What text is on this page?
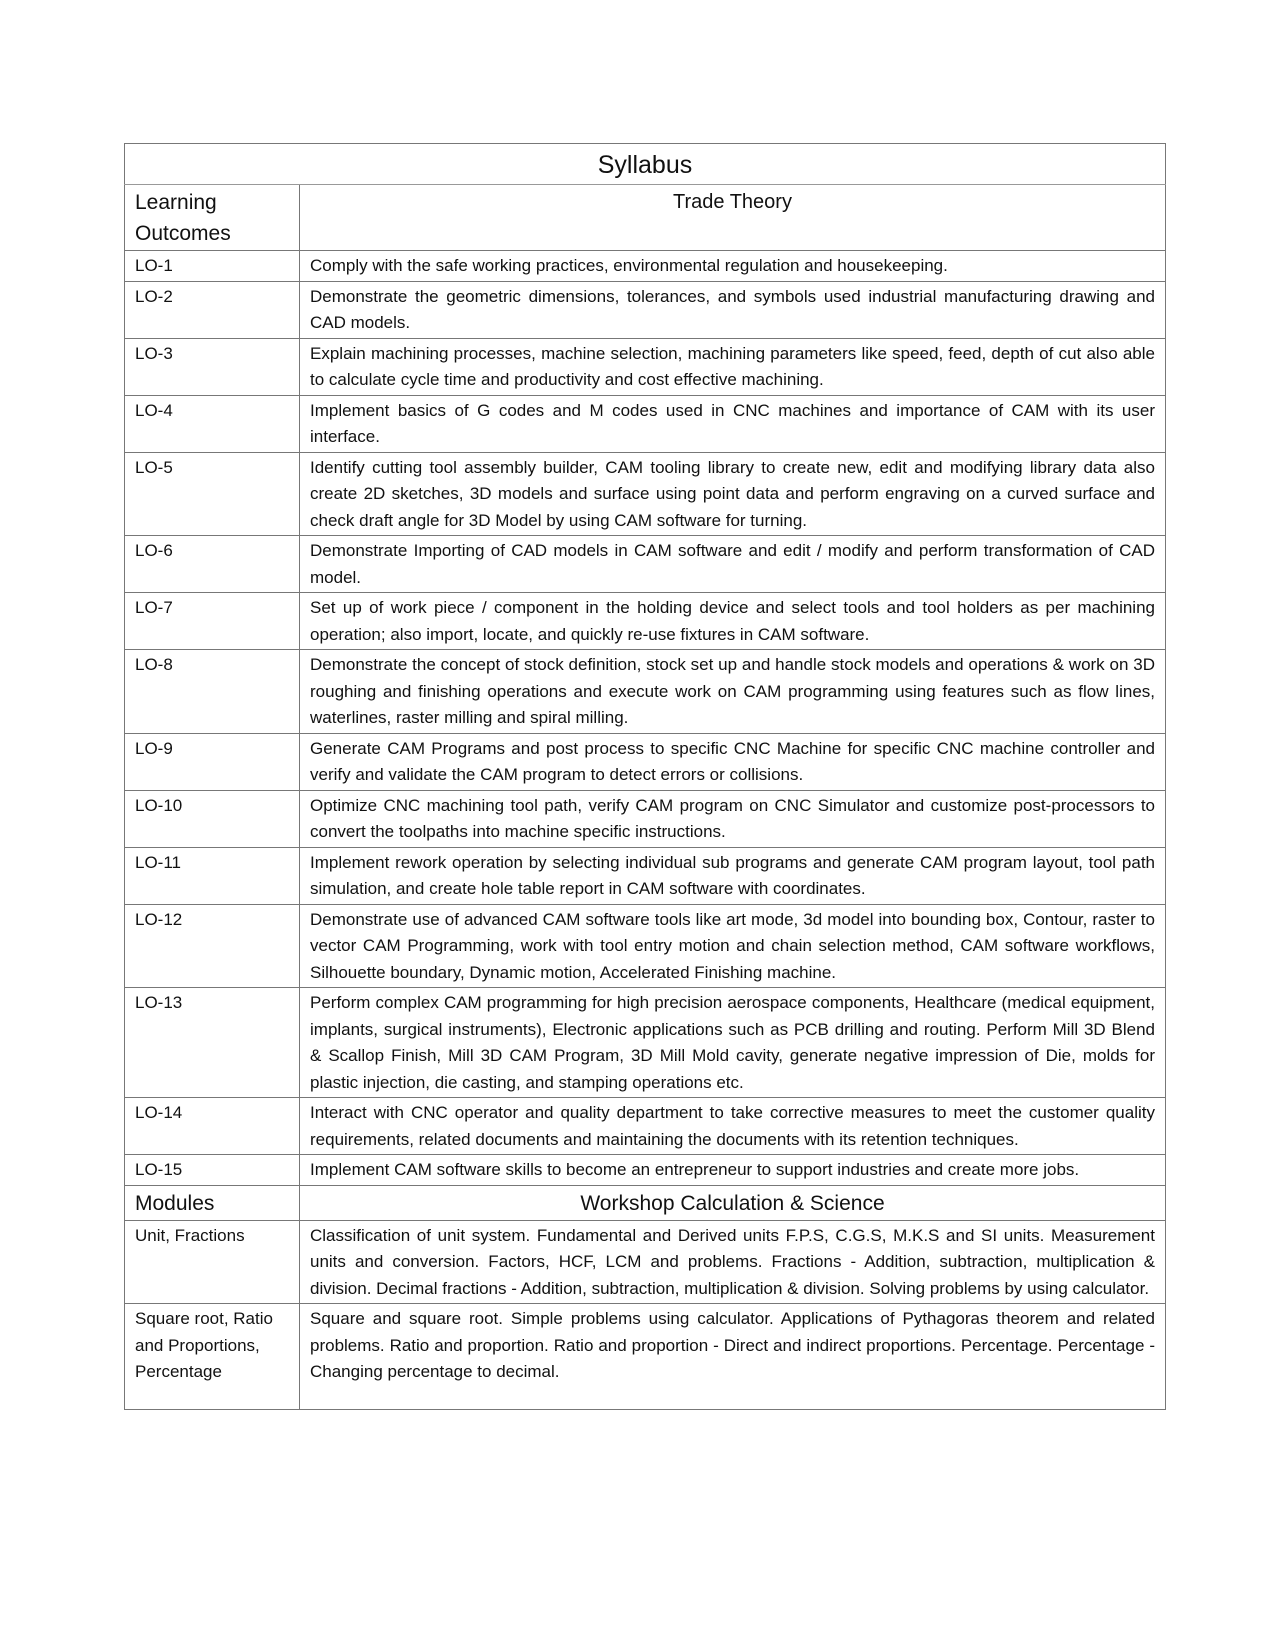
Syllabus	
Learning Outcomes	Trade Theory
LO-1	Comply with the safe working practices, environmental regulation and housekeeping.
LO-2	Demonstrate the geometric dimensions, tolerances, and symbols used industrial manufacturing drawing and CAD models.
LO-3	Explain machining processes, machine selection, machining parameters like speed, feed, depth of cut also able to calculate cycle time and productivity and cost effective machining.
LO-4	Implement basics of G codes and M codes used in CNC machines and importance of CAM with its user interface.
LO-5	Identify cutting tool assembly builder, CAM tooling library to create new, edit and modifying library data also create 2D sketches, 3D models and surface using point data and perform engraving on a curved surface and check draft angle for 3D Model by using CAM software for turning.
LO-6	Demonstrate Importing of CAD models in CAM software and edit / modify and perform transformation of CAD model.
LO-7	Set up of work piece / component in the holding device and select tools and tool holders as per machining operation; also import, locate, and quickly re-use fixtures in CAM software.
LO-8	Demonstrate the concept of stock definition, stock set up and handle stock models and operations & work on 3D roughing and finishing operations and execute work on CAM programming using features such as flow lines, waterlines, raster milling and spiral milling.
LO-9	Generate CAM Programs and post process to specific CNC Machine for specific CNC machine controller and verify and validate the CAM program to detect errors or collisions.
LO-10	Optimize CNC machining tool path, verify CAM program on CNC Simulator and customize post-processors to convert the toolpaths into machine specific instructions.
LO-11	Implement rework operation by selecting individual sub programs and generate CAM program layout, tool path simulation, and create hole table report in CAM software with coordinates.
LO-12	Demonstrate use of advanced CAM software tools like art mode, 3d model into bounding box, Contour, raster to vector CAM Programming, work with tool entry motion and chain selection method, CAM software workflows, Silhouette boundary, Dynamic motion, Accelerated Finishing machine.
LO-13	Perform complex CAM programming for high precision aerospace components, Healthcare (medical equipment, implants, surgical instruments), Electronic applications such as PCB drilling and routing. Perform Mill 3D Blend & Scallop Finish, Mill 3D CAM Program, 3D Mill Mold cavity, generate negative impression of Die, molds for plastic injection, die casting, and stamping operations etc.
LO-14	Interact with CNC operator and quality department to take corrective measures to meet the customer quality requirements, related documents and maintaining the documents with its retention techniques.
LO-15	Implement CAM software skills to become an entrepreneur to support industries and create more jobs.
Modules	Workshop Calculation & Science
Unit, Fractions	Classification of unit system. Fundamental and Derived units F.P.S, C.G.S, M.K.S and SI units. Measurement units and conversion. Factors, HCF, LCM and problems. Fractions - Addition, subtraction, multiplication & division. Decimal fractions - Addition, subtraction, multiplication & division. Solving problems by using calculator.
Square root, Ratio and Proportions, Percentage	Square and square root. Simple problems using calculator. Applications of Pythagoras theorem and related problems. Ratio and proportion. Ratio and proportion - Direct and indirect proportions. Percentage. Percentage - Changing percentage to decimal.
